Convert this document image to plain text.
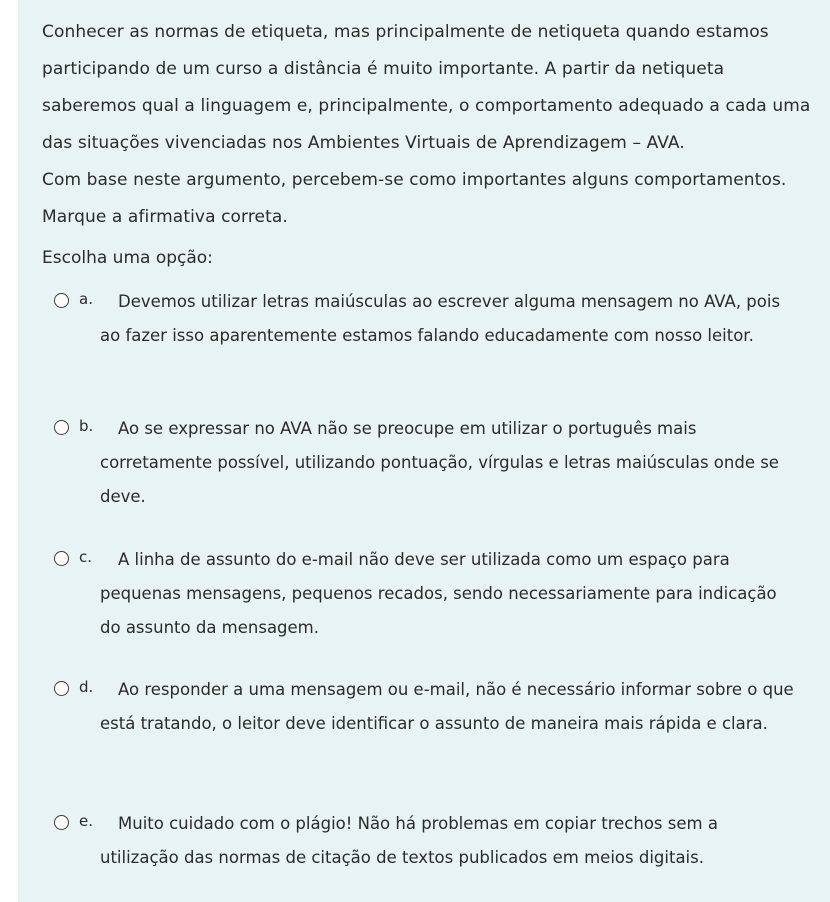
Conhecer as normas de etiqueta, mas principalmente de netiqueta quando estamos participando de um curso a distância é muito importante. A partir da netiqueta saberemos qual a linguagem e, principalmente, o comportamento adequado a cada uma das situações vivenciadas nos Ambientes Virtuais de Aprendizagem – AVA.

Com base neste argumento, percebem-se como importantes alguns comportamentos. Marque a afirmativa correta.

Escolha uma opção:
a.	Devemos utilizar letras maiúsculas ao escrever alguma mensagem no AVA, pois ao fazer isso aparentemente estamos falando educadamente com nosso leitor.
b.	Ao se expressar no AVA não se preocupe em utilizar o português mais corretamente possível, utilizando pontuação, vírgulas e letras maiúsculas onde se deve.
c.	A linha de assunto do e-mail não deve ser utilizada como um espaço para pequenas mensagens, pequenos recados, sendo necessariamente para indicação do assunto da mensagem.
d.	Ao responder a uma mensagem ou e-mail, não é necessário informar sobre o que está tratando, o leitor deve identificar o assunto de maneira mais rápida e clara.
e.	Muito cuidado com o plágio! Não há problemas em copiar trechos sem a utilização das normas de citação de textos publicados em meios digitais.
